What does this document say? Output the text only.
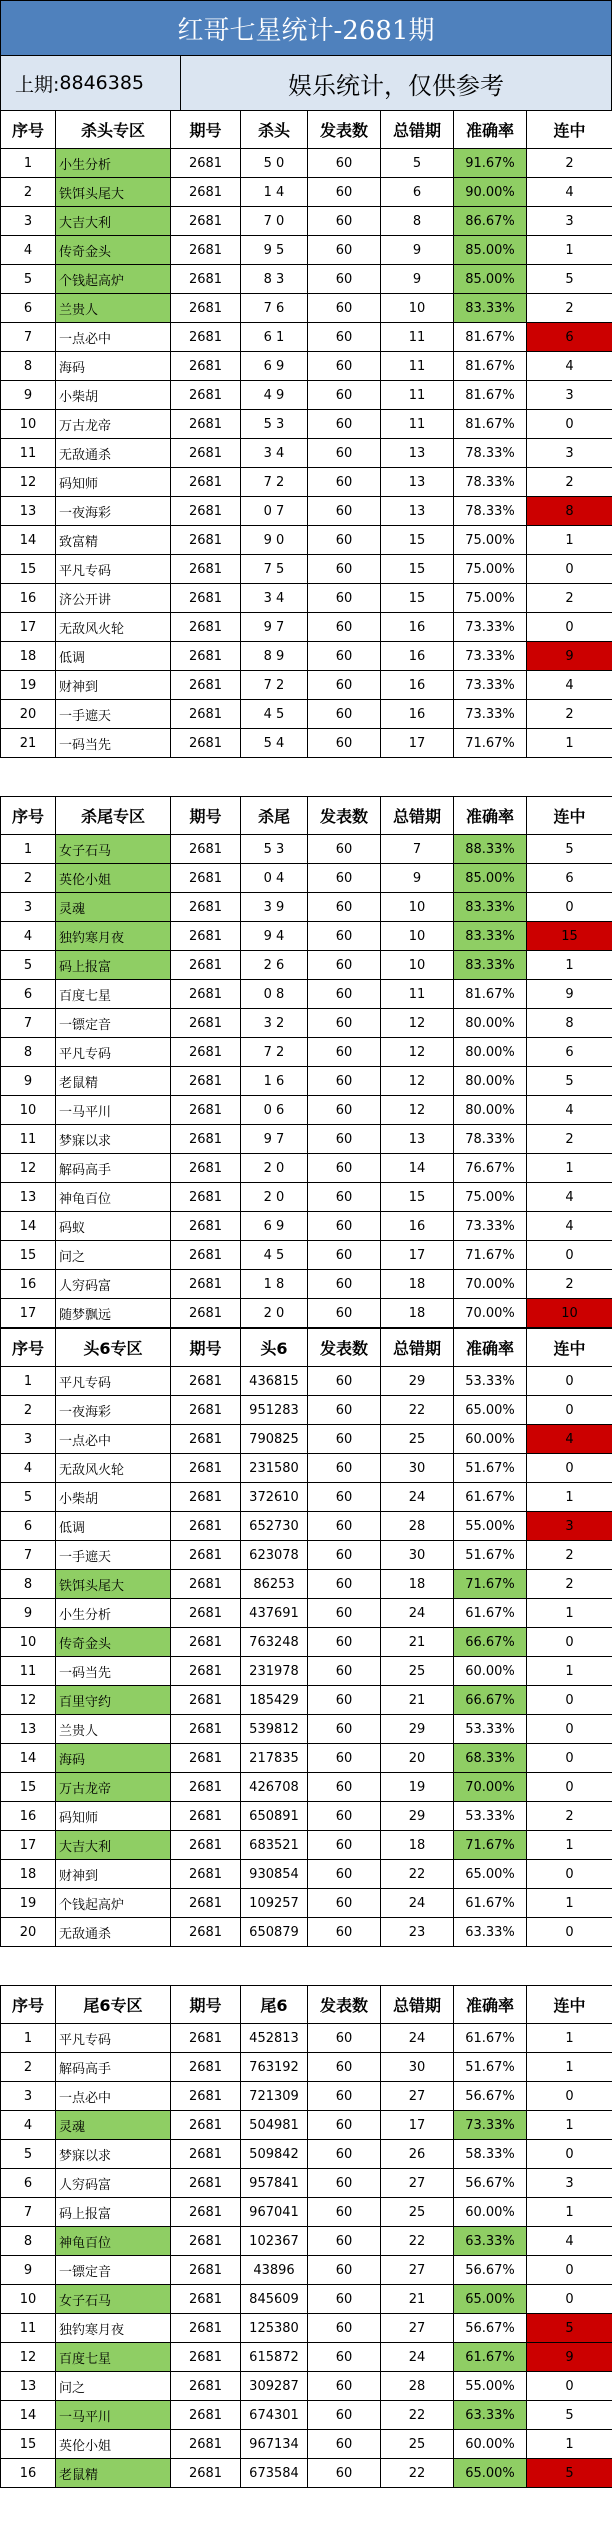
红哥七星统计-2681期
上期: 8846385	娱乐统计，仅供参考
序号	杀头专区	期号	杀头	发表数	总错期	准确率	连中
1	小生分析	2681	5 0	60	5	91.67%	2
2	铁饵头尾大	2681	1 4	60	6	90.00%	4
3	大吉大利	2681	7 0	60	8	86.67%	3
4	传奇金头	2681	9 5	60	9	85.00%	1
5	个钱起高炉	2681	8 3	60	9	85.00%	5
6	兰贵人	2681	7 6	60	10	83.33%	2
7	一点必中	2681	6 1	60	11	81.67%	6
8	海码	2681	6 9	60	11	81.67%	4
9	小柴胡	2681	4 9	60	11	81.67%	3
10	万古龙帝	2681	5 3	60	11	81.67%	0
11	无敌通杀	2681	3 4	60	13	78.33%	3
12	码知师	2681	7 2	60	13	78.33%	2
13	一夜海彩	2681	0 7	60	13	78.33%	8
14	致富精	2681	9 0	60	15	75.00%	1
15	平凡专码	2681	7 5	60	15	75.00%	0
16	济公开讲	2681	3 4	60	15	75.00%	2
17	无敌风火轮	2681	9 7	60	16	73.33%	0
18	低调	2681	8 9	60	16	73.33%	9
19	财神到	2681	7 2	60	16	73.33%	4
20	一手遮天	2681	4 5	60	16	73.33%	2
21	一码当先	2681	5 4	60	17	71.67%	1
序号	杀尾专区	期号	杀尾	发表数	总错期	准确率	连中
1	女子石马	2681	5 3	60	7	88.33%	5
2	英伦小姐	2681	0 4	60	9	85.00%	6
3	灵魂	2681	3 9	60	10	83.33%	0
4	独钓寒月夜	2681	9 4	60	10	83.33%	15
5	码上报富	2681	2 6	60	10	83.33%	1
6	百度七星	2681	0 8	60	11	81.67%	9
7	一镖定音	2681	3 2	60	12	80.00%	8
8	平凡专码	2681	7 2	60	12	80.00%	6
9	老鼠精	2681	1 6	60	12	80.00%	5
10	一马平川	2681	0 6	60	12	80.00%	4
11	梦寐以求	2681	9 7	60	13	78.33%	2
12	解码高手	2681	2 0	60	14	76.67%	1
13	神龟百位	2681	2 0	60	15	75.00%	4
14	码蚁	2681	6 9	60	16	73.33%	4
15	问之	2681	4 5	60	17	71.67%	0
16	人穷码富	2681	1 8	60	18	70.00%	2
17	随梦飘远	2681	2 0	60	18	70.00%	10
序号	头6专区	期号	头6	发表数	总错期	准确率	连中
1	平凡专码	2681	436815	60	29	53.33%	0
2	一夜海彩	2681	951283	60	22	65.00%	0
3	一点必中	2681	790825	60	25	60.00%	4
4	无敌风火轮	2681	231580	60	30	51.67%	0
5	小柴胡	2681	372610	60	24	61.67%	1
6	低调	2681	652730	60	28	55.00%	3
7	一手遮天	2681	623078	60	30	51.67%	2
8	铁饵头尾大	2681	86253	60	18	71.67%	2
9	小生分析	2681	437691	60	24	61.67%	1
10	传奇金头	2681	763248	60	21	66.67%	0
11	一码当先	2681	231978	60	25	60.00%	1
12	百里守约	2681	185429	60	21	66.67%	0
13	兰贵人	2681	539812	60	29	53.33%	0
14	海码	2681	217835	60	20	68.33%	0
15	万古龙帝	2681	426708	60	19	70.00%	0
16	码知师	2681	650891	60	29	53.33%	2
17	大吉大利	2681	683521	60	18	71.67%	1
18	财神到	2681	930854	60	22	65.00%	0
19	个钱起高炉	2681	109257	60	24	61.67%	1
20	无敌通杀	2681	650879	60	23	63.33%	0
序号	尾6专区	期号	尾6	发表数	总错期	准确率	连中
1	平凡专码	2681	452813	60	24	61.67%	1
2	解码高手	2681	763192	60	30	51.67%	1
3	一点必中	2681	721309	60	27	56.67%	0
4	灵魂	2681	504981	60	17	73.33%	1
5	梦寐以求	2681	509842	60	26	58.33%	0
6	人穷码富	2681	957841	60	27	56.67%	3
7	码上报富	2681	967041	60	25	60.00%	1
8	神龟百位	2681	102367	60	22	63.33%	4
9	一镖定音	2681	43896	60	27	56.67%	0
10	女子石马	2681	845609	60	21	65.00%	0
11	独钓寒月夜	2681	125380	60	27	56.67%	5
12	百度七星	2681	615872	60	24	61.67%	9
13	问之	2681	309287	60	28	55.00%	0
14	一马平川	2681	674301	60	22	63.33%	5
15	英伦小姐	2681	967134	60	25	60.00%	1
16	老鼠精	2681	673584	60	22	65.00%	5
